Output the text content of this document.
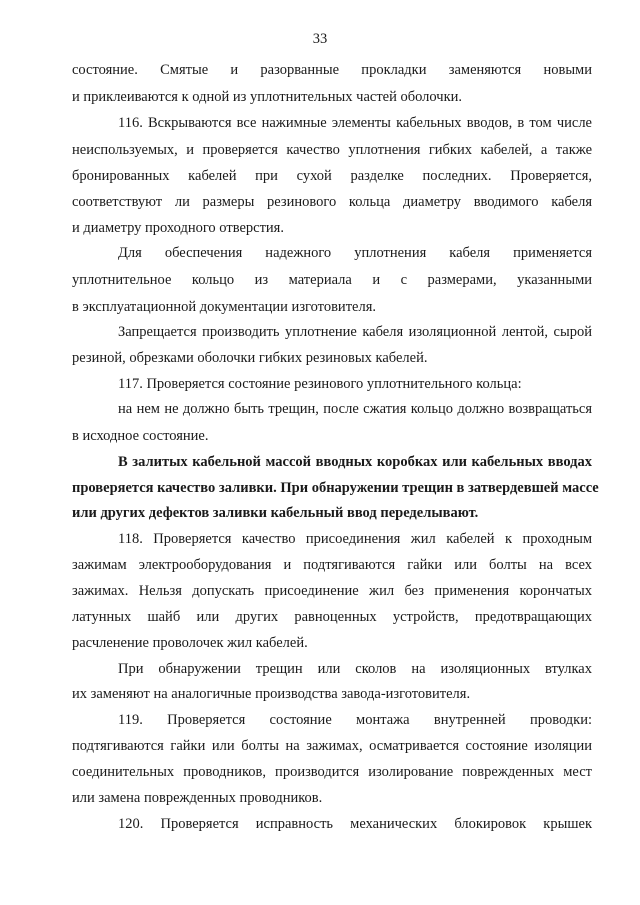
33
состояние. Смятые и разорванные прокладки заменяются новыми
и приклеиваются к одной из уплотнительных частей оболочки.
116. Вскрываются все нажимные элементы кабельных вводов, в том числе
неиспользуемых, и проверяется качество уплотнения гибких кабелей, а также
бронированных кабелей при сухой разделке последних. Проверяется,
соответствуют ли размеры резинового кольца диаметру вводимого кабеля
и диаметру проходного отверстия.
Для обеспечения надежного уплотнения кабеля применяется
уплотнительное кольцо из материала и с размерами, указанными
в эксплуатационной документации изготовителя.
Запрещается производить уплотнение кабеля изоляционной лентой, сырой
резиной, обрезками оболочки гибких резиновых кабелей.
117. Проверяется состояние резинового уплотнительного кольца:
на нем не должно быть трещин, после сжатия кольцо должно возвращаться
в исходное состояние.
В залитых кабельной массой вводных коробках или кабельных вводах
проверяется качество заливки. При обнаружении трещин в затвердевшей массе
или других дефектов заливки кабельный ввод переделывают.
118. Проверяется качество присоединения жил кабелей к проходным
зажимам электрооборудования и подтягиваются гайки или болты на всех
зажимах. Нельзя допускать присоединение жил без применения корончатых
латунных шайб или других равноценных устройств, предотвращающих
расчленение проволочек жил кабелей.
При обнаружении трещин или сколов на изоляционных втулках
их заменяют на аналогичные производства завода-изготовителя.
119. Проверяется состояние монтажа внутренней проводки:
подтягиваются гайки или болты на зажимах, осматривается состояние изоляции
соединительных проводников, производится изолирование поврежденных мест
или замена поврежденных проводников.
120. Проверяется исправность механических блокировок крышек
